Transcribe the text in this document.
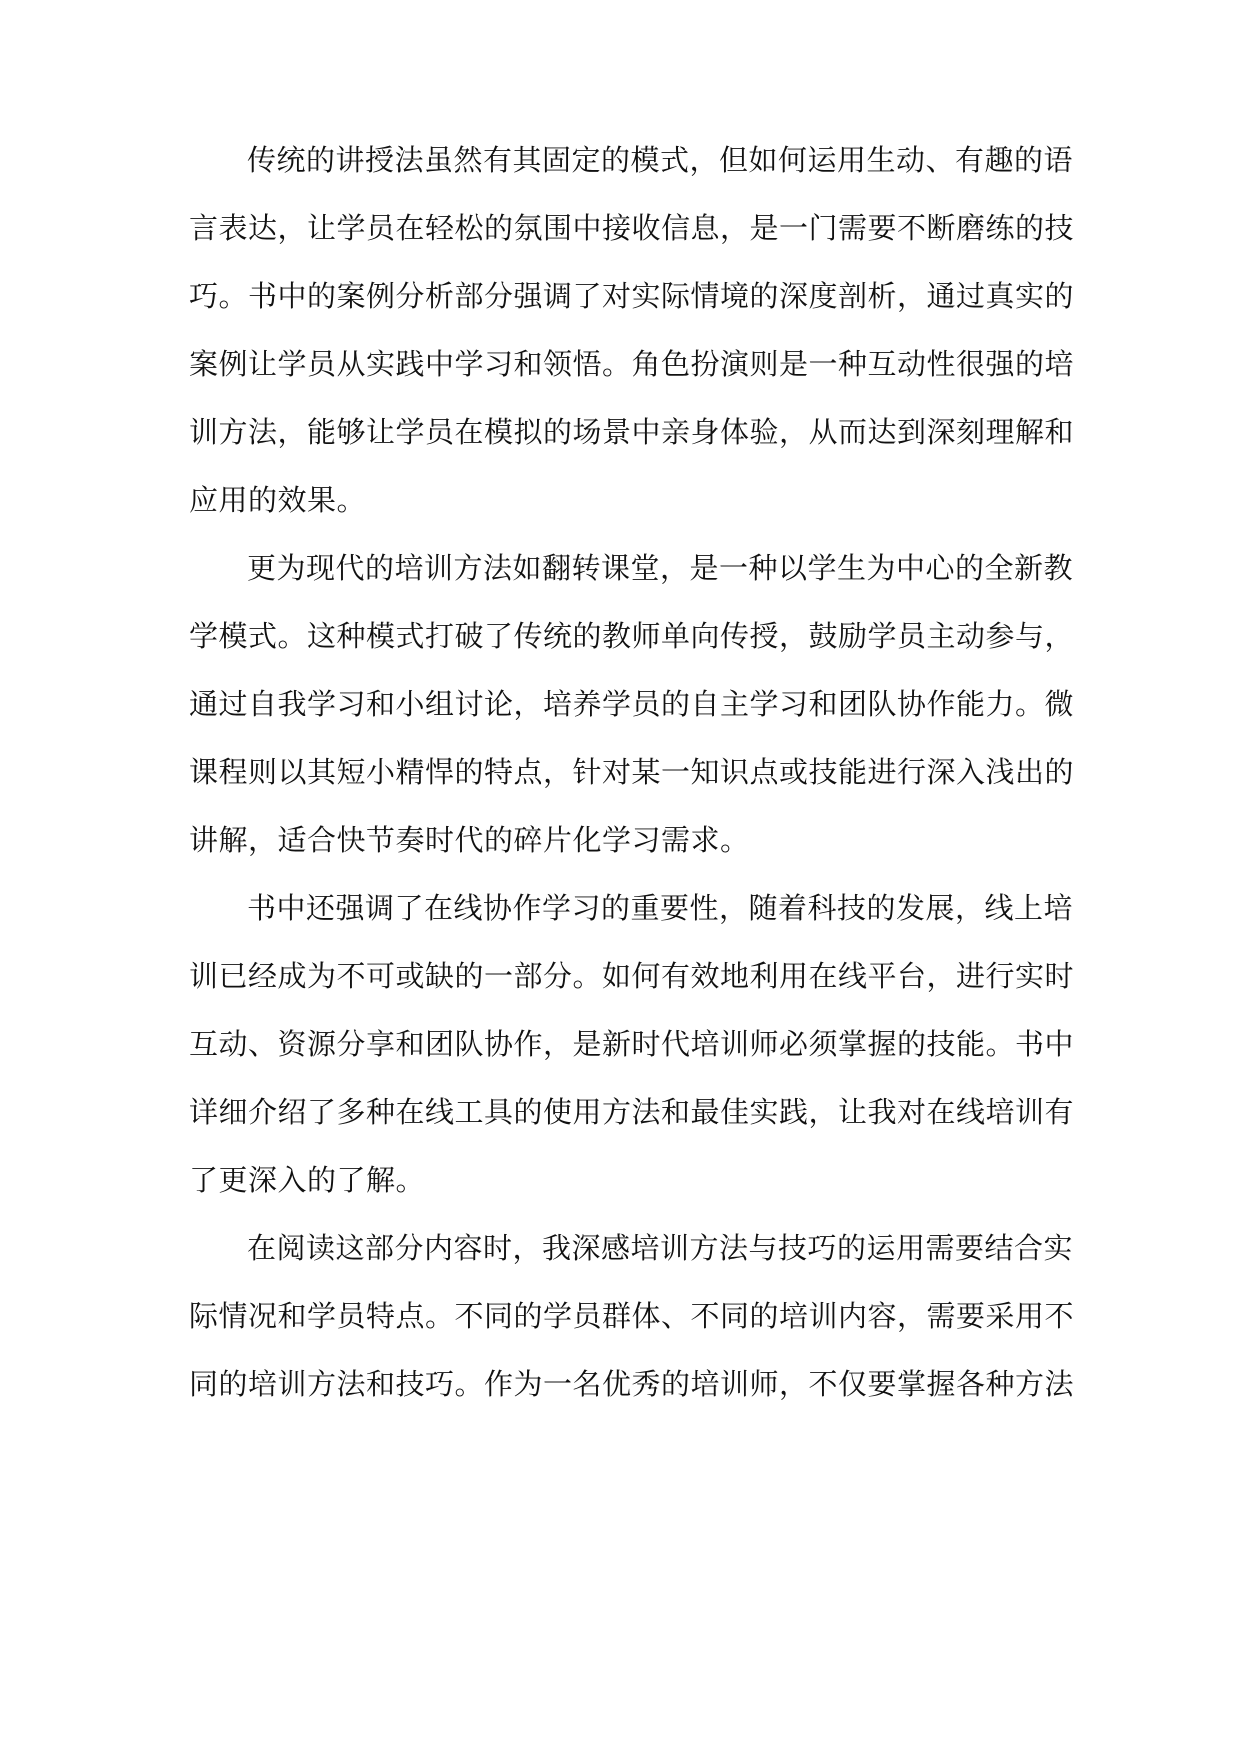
传统的讲授法虽然有其固定的模式，但如何运用生动、有趣的语
言表达，让学员在轻松的氛围中接收信息，是一门需要不断磨练的技
巧。书中的案例分析部分强调了对实际情境的深度剖析，通过真实的
案例让学员从实践中学习和领悟。角色扮演则是一种互动性很强的培
训方法，能够让学员在模拟的场景中亲身体验，从而达到深刻理解和
应用的效果。
更为现代的培训方法如翻转课堂，是一种以学生为中心的全新教
学模式。这种模式打破了传统的教师单向传授，鼓励学员主动参与，
通过自我学习和小组讨论，培养学员的自主学习和团队协作能力。微
课程则以其短小精悍的特点，针对某一知识点或技能进行深入浅出的
讲解，适合快节奏时代的碎片化学习需求。
书中还强调了在线协作学习的重要性，随着科技的发展，线上培
训已经成为不可或缺的一部分。如何有效地利用在线平台，进行实时
互动、资源分享和团队协作，是新时代培训师必须掌握的技能。书中
详细介绍了多种在线工具的使用方法和最佳实践，让我对在线培训有
了更深入的了解。
在阅读这部分内容时，我深感培训方法与技巧的运用需要结合实
际情况和学员特点。不同的学员群体、不同的培训内容，需要采用不
同的培训方法和技巧。作为一名优秀的培训师，不仅要掌握各种方法
